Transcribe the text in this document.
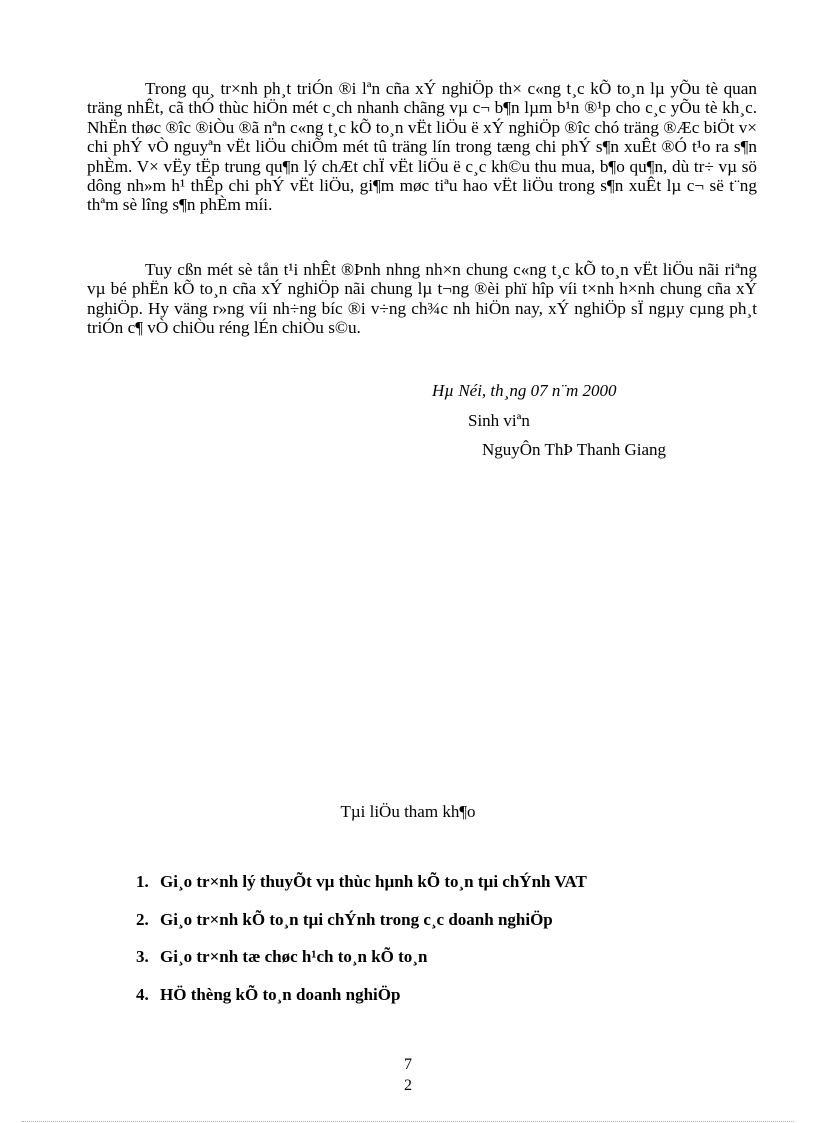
Trong qu¸ tr×nh ph¸t triÓn ®i lªn cña xÝ nghiÖp th× c«ng t¸c kÕ to¸n lµ yÕu tè quan träng nhÊt, cã thÓ thùc hiÖn mét c¸ch nhanh chãng vµ c¬ b¶n lµm b¹n ®¹p cho c¸c yÕu tè kh¸c. NhËn thøc ®îc ®iÒu ®ã nªn c«ng t¸c kÕ to¸n vËt liÖu ë xÝ nghiÖp ®îc chó träng ®Æc biÖt v× chi phÝ vÒ nguyªn vËt liÖu chiÕm mét tû träng lín trong tæng chi phÝ s¶n xuÊt ®Ó t¹o ra s¶n phÈm. V× vËy tËp trung qu¶n lý chÆt chÏ vËt liÖu ë c¸c kh©u thu mua, b¶o qu¶n, dù tr÷ vµ sö dông nh»m h¹ thÊp chi phÝ vËt liÖu, gi¶m møc tiªu hao vËt liÖu trong s¶n xuÊt lµ c¬ së t¨ng thªm sè lîng s¶n phÈm míi.

Tuy cßn mét sè tån t¹i nhÊt ®Þnh nhng nh×n chung c«ng t¸c kÕ to¸n vËt liÖu nãi riªng vµ bé phËn kÕ to¸n cña xÝ nghiÖp nãi chung lµ t¬ng ®èi phï hîp víi t×nh h×nh chung cña xÝ nghiÖp. Hy väng r»ng víi nh÷ng bíc ®i v÷ng ch¾c nh hiÖn nay, xÝ nghiÖp sÏ ngµy cµng ph¸t triÓn c¶ vÒ chiÒu réng lÉn chiÒu s©u.

Hµ Néi, th¸ng 07 n¨m 2000
Sinh viªn
NguyÔn ThÞ Thanh Giang
Tµi liÖu tham kh¶o
1. Gi¸o tr×nh lý thuyÕt vµ thùc hµnh kÕ to¸n tµi chÝnh VAT
2. Gi¸o tr×nh kÕ to¸n tµi chÝnh trong c¸c doanh nghiÖp
3. Gi¸o tr×nh tæ chøc h¹ch to¸n kÕ to¸n
4. HÖ thèng kÕ to¸n doanh nghiÖp
7
2
